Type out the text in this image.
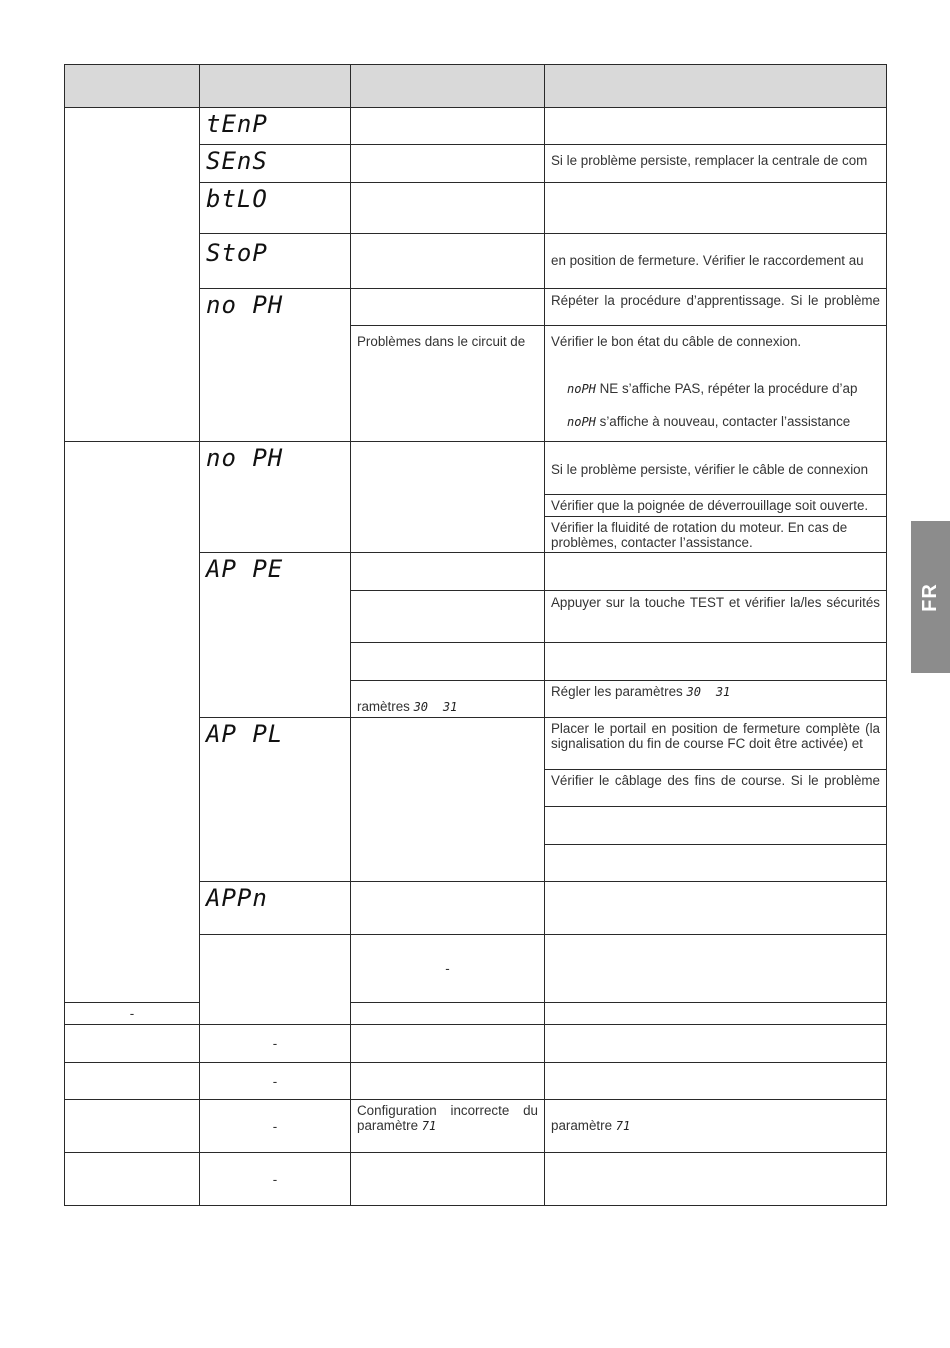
FR

	tEnP			
	SEnS		Si le problème persiste, remplacer la centrale de com	

	btLO			
	StoP		en position de fermeture. Vérifier le raccordement au	

	no PH		Répéter la procédure d’apprentissage. Si le problème	

		Problèmes dans le circuit de	Vérifier le bon état du câble de connexion.
noPH NE s’affiche PAS, répéter la procédure d’ap
noPH s’affiche à nouveau, contacter l’assistance	

	no PH		Si le problème persiste, vérifier le câble de connexion	

			Vérifier que la poignée de déverrouillage soit ouverte.	

			Vérifier la fluidité de rotation du moteur. En cas de problèmes, contacter l’assistance.	

	AP PE			

			Appuyer sur la touche TEST et vérifier la/les sécurités	

		ramètres 30 31	Régler les paramètres 30 31	

	AP PL		Placer le portail en position de fermeture complète (la signalisation du fin de course FC doit être activée) et	

			Vérifier le câblage des fins de course. Si le problème	

	APPn			
		-		
-				
	-			
	-			
	-	Configuration incorrecte du
paramètre 71	paramètre 71	

	-			
